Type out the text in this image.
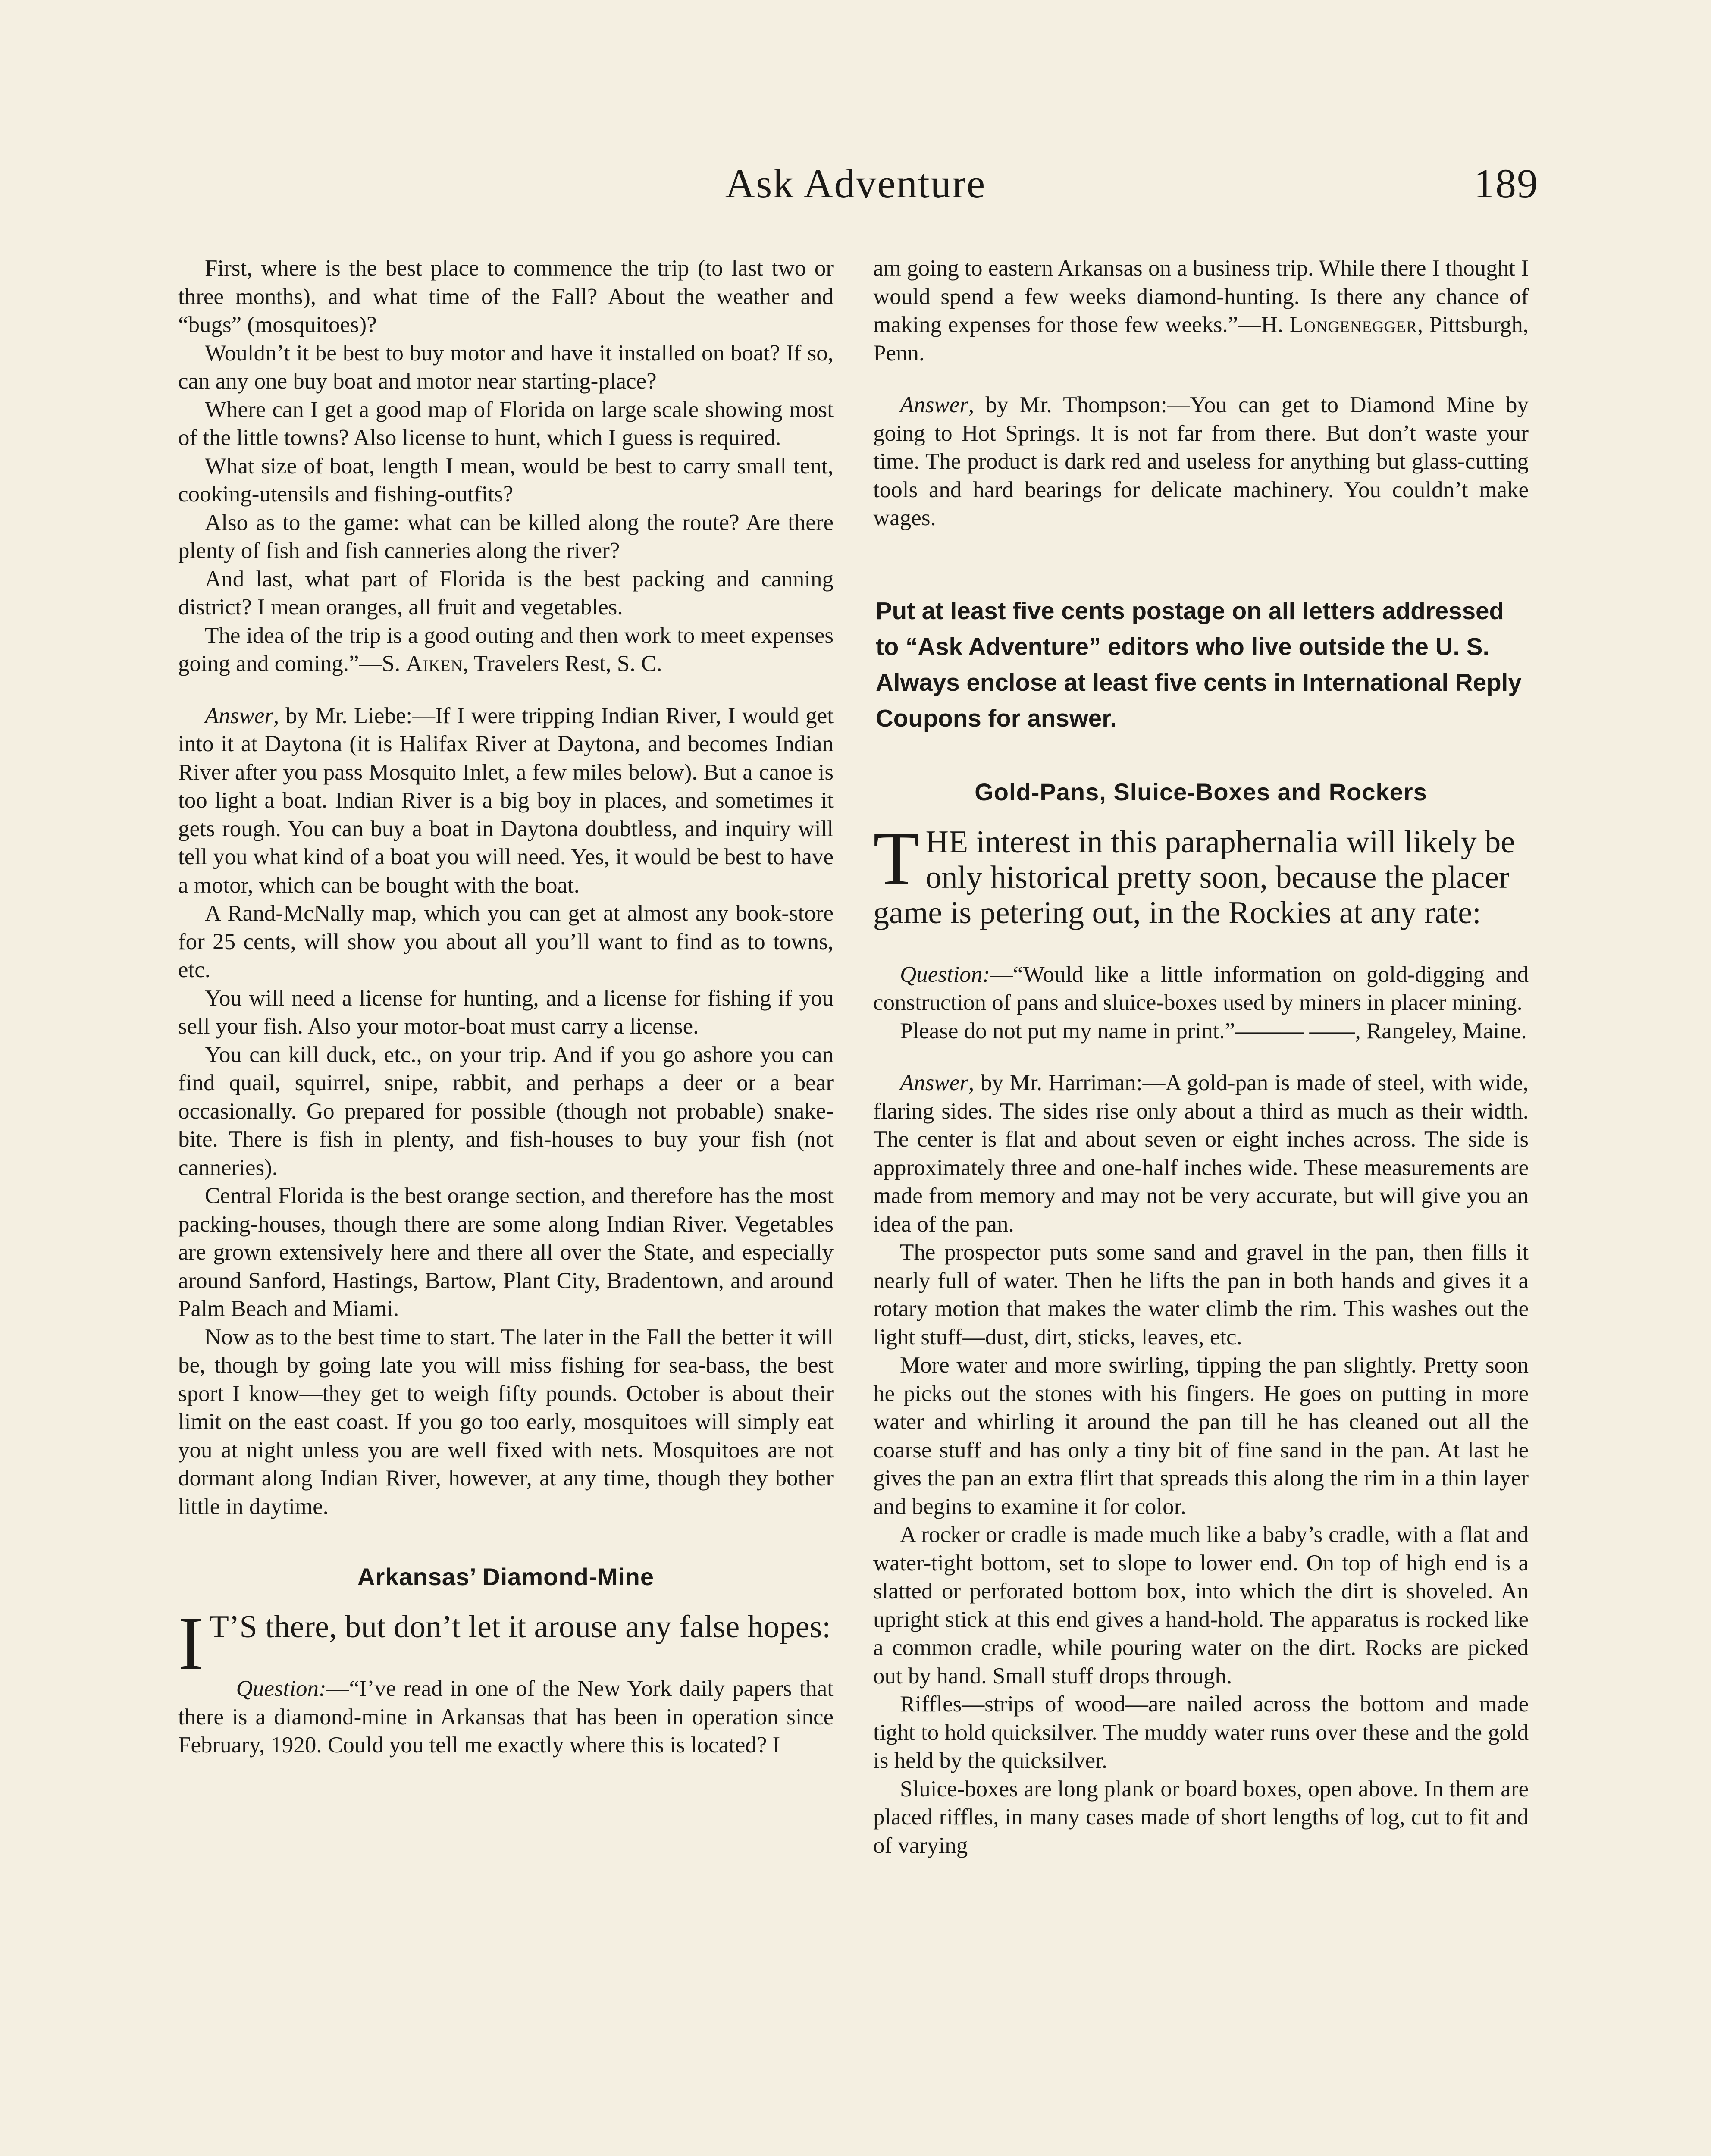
Ask Adventure	189

First, where is the best place to commence the trip (to last two or three months), and what time of the Fall? About the weather and “bugs” (mosquitoes)?

Wouldn’t it be best to buy motor and have it installed on boat? If so, can any one buy boat and motor near starting-place?

Where can I get a good map of Florida on large scale showing most of the little towns? Also license to hunt, which I guess is required.

What size of boat, length I mean, would be best to carry small tent, cooking-utensils and fishing-outfits?

Also as to the game: what can be killed along the route? Are there plenty of fish and fish canneries along the river?

And last, what part of Florida is the best packing and canning district? I mean oranges, all fruit and vegetables.

The idea of the trip is a good outing and then work to meet expenses going and coming.”—S. Aiken, Travelers Rest, S. C.

Answer, by Mr. Liebe:—If I were tripping Indian River, I would get into it at Daytona (it is Halifax River at Daytona, and becomes Indian River after you pass Mosquito Inlet, a few miles below). But a canoe is too light a boat. Indian River is a big boy in places, and sometimes it gets rough. You can buy a boat in Daytona doubtless, and inquiry will tell you what kind of a boat you will need. Yes, it would be best to have a motor, which can be bought with the boat.

A Rand-McNally map, which you can get at almost any book-store for 25 cents, will show you about all you’ll want to find as to towns, etc.

You will need a license for hunting, and a license for fishing if you sell your fish. Also your motor-boat must carry a license.

You can kill duck, etc., on your trip. And if you go ashore you can find quail, squirrel, snipe, rabbit, and perhaps a deer or a bear occasionally. Go prepared for possible (though not probable) snake-bite. There is fish in plenty, and fish-houses to buy your fish (not canneries).

Central Florida is the best orange section, and therefore has the most packing-houses, though there are some along Indian River. Vegetables are grown extensively here and there all over the State, and especially around Sanford, Hastings, Bartow, Plant City, Bradentown, and around Palm Beach and Miami.

Now as to the best time to start. The later in the Fall the better it will be, though by going late you will miss fishing for sea-bass, the best sport I know—they get to weigh fifty pounds. October is about their limit on the east coast. If you go too early, mosquitoes will simply eat you at night unless you are well fixed with nets. Mosquitoes are not dormant along Indian River, however, at any time, though they bother little in daytime.

Arkansas’ Diamond-Mine
I T’S there, but don’t let it arouse any false hopes:

Question:—“I’ve read in one of the New York daily papers that there is a diamond-mine in Arkansas that has been in operation since February, 1920. Could you tell me exactly where this is located? I

am going to eastern Arkansas on a business trip. While there I thought I would spend a few weeks diamond-hunting. Is there any chance of making expenses for those few weeks.”—H. Longenegger, Pittsburgh, Penn.

Answer, by Mr. Thompson:—You can get to Diamond Mine by going to Hot Springs. It is not far from there. But don’t waste your time. The product is dark red and useless for anything but glass-cutting tools and hard bearings for delicate machinery. You couldn’t make wages.

Put at least five cents postage on all letters addressed to “Ask Adventure” editors who live outside the U. S. Always enclose at least five cents in International Reply Coupons for answer.
Gold-Pans, Sluice-Boxes and Rockers
THE interest in this paraphernalia will likely be only historical pretty soon, because the placer game is petering out, in the Rockies at any rate:

Question:—“Would like a little information on gold-digging and construction of pans and sluice-boxes used by miners in placer mining.

Please do not put my name in print.”——— ——, Rangeley, Maine.

Answer, by Mr. Harriman:—A gold-pan is made of steel, with wide, flaring sides. The sides rise only about a third as much as their width. The center is flat and about seven or eight inches across. The side is approximately three and one-half inches wide. These measurements are made from memory and may not be very accurate, but will give you an idea of the pan.

The prospector puts some sand and gravel in the pan, then fills it nearly full of water. Then he lifts the pan in both hands and gives it a rotary motion that makes the water climb the rim. This washes out the light stuff—dust, dirt, sticks, leaves, etc.

More water and more swirling, tipping the pan slightly. Pretty soon he picks out the stones with his fingers. He goes on putting in more water and whirling it around the pan till he has cleaned out all the coarse stuff and has only a tiny bit of fine sand in the pan. At last he gives the pan an extra flirt that spreads this along the rim in a thin layer and begins to examine it for color.

A rocker or cradle is made much like a baby’s cradle, with a flat and water-tight bottom, set to slope to lower end. On top of high end is a slatted or perforated bottom box, into which the dirt is shoveled. An upright stick at this end gives a hand-hold. The apparatus is rocked like a common cradle, while pouring water on the dirt. Rocks are picked out by hand. Small stuff drops through.

Riffles—strips of wood—are nailed across the bottom and made tight to hold quicksilver. The muddy water runs over these and the gold is held by the quicksilver.

Sluice-boxes are long plank or board boxes, open above. In them are placed riffles, in many cases made of short lengths of log, cut to fit and of varying
